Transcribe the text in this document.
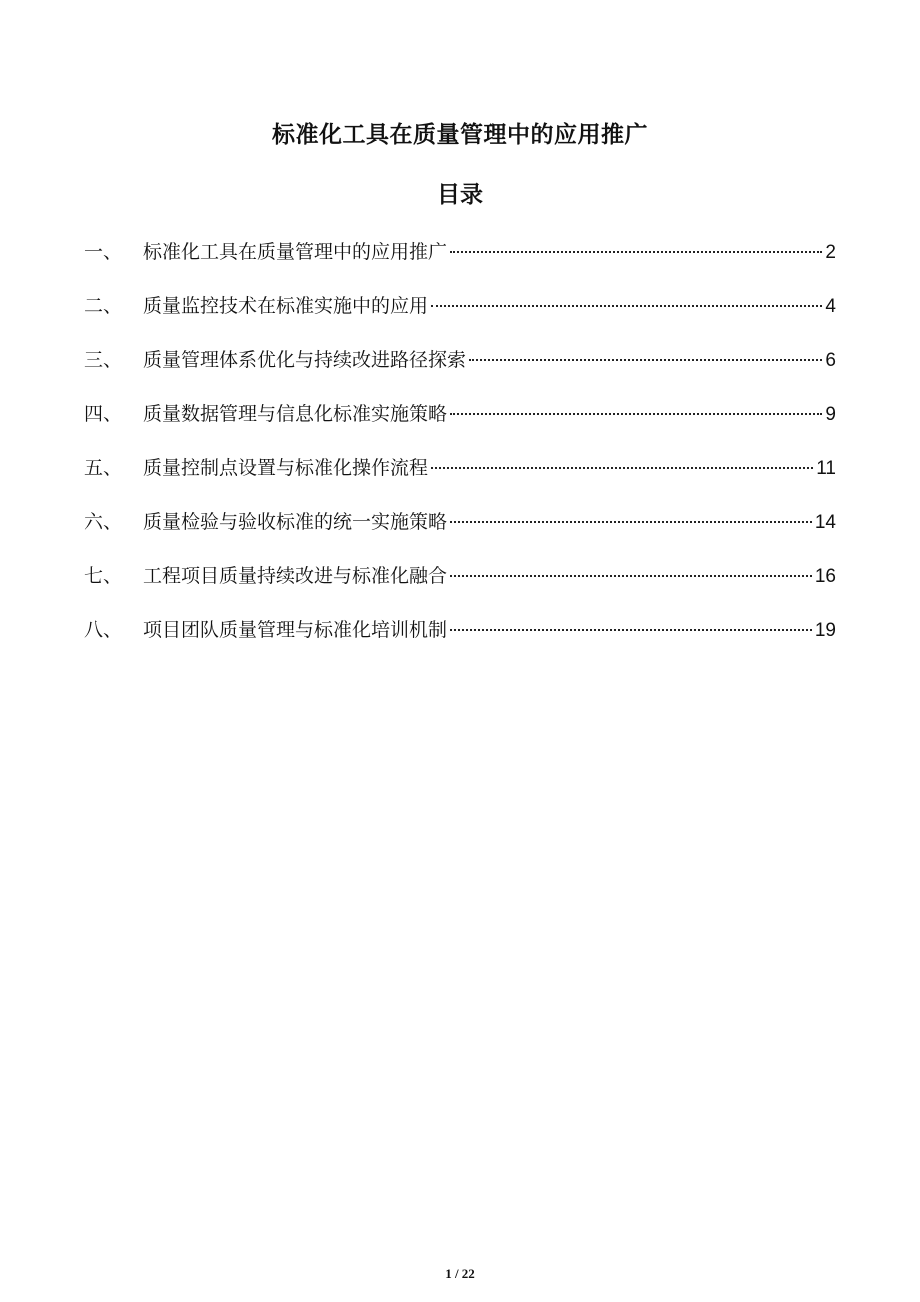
标准化工具在质量管理中的应用推广
目录
一、	标准化工具在质量管理中的应用推广	2
二、	质量监控技术在标准实施中的应用	4
三、	质量管理体系优化与持续改进路径探索	6
四、	质量数据管理与信息化标准实施策略	9
五、	质量控制点设置与标准化操作流程	11
六、	质量检验与验收标准的统一实施策略	14
七、	工程项目质量持续改进与标准化融合	16
八、	项目团队质量管理与标准化培训机制	19
1 / 22
